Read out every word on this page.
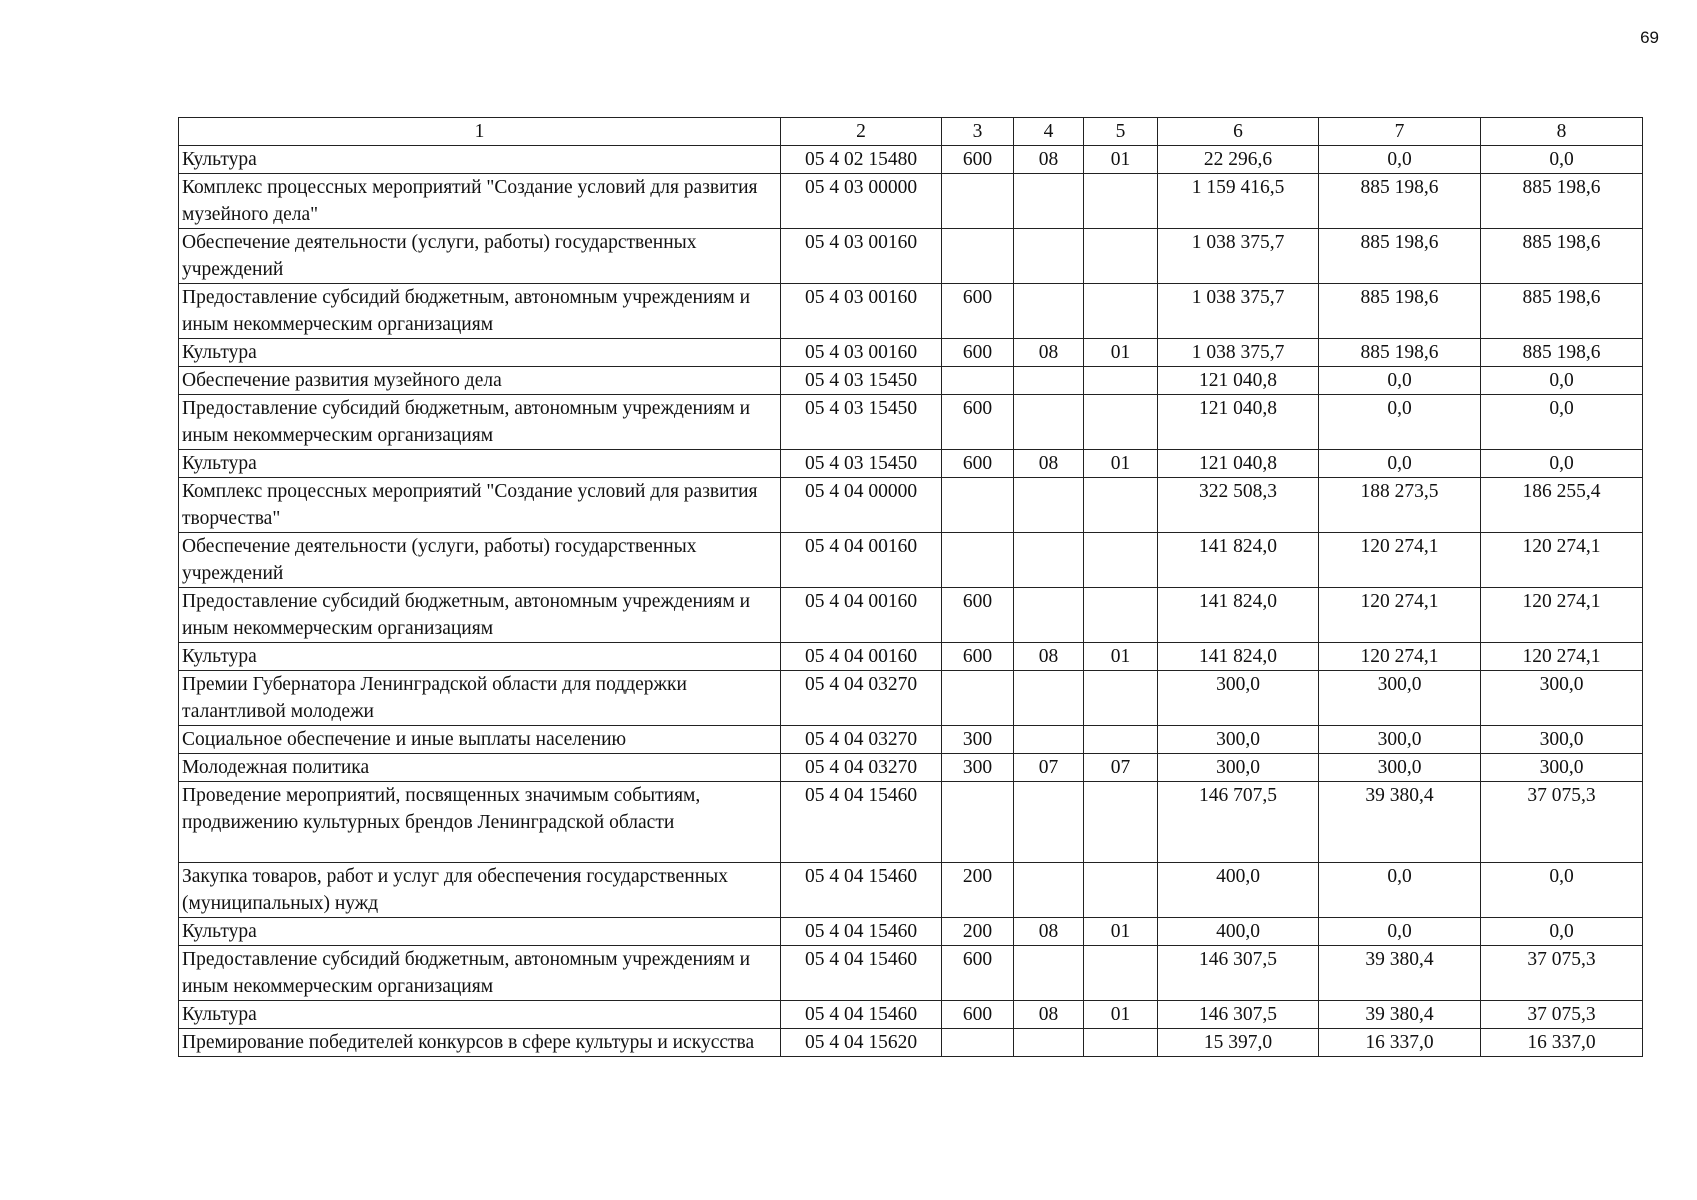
69
1	2	3	4	5	6	7	8
Культура	05 4 02 15480	600	08	01	22 296,6	0,0	0,0
Комплекс процессных мероприятий "Создание условий для развития музейного дела"	05 4 03 00000				1 159 416,5	885 198,6	885 198,6
Обеспечение деятельности (услуги, работы) государственных учреждений	05 4 03 00160				1 038 375,7	885 198,6	885 198,6
Предоставление субсидий бюджетным, автономным учреждениям и иным некоммерческим организациям	05 4 03 00160	600			1 038 375,7	885 198,6	885 198,6
Культура	05 4 03 00160	600	08	01	1 038 375,7	885 198,6	885 198,6
Обеспечение развития музейного дела	05 4 03 15450				121 040,8	0,0	0,0
Предоставление субсидий бюджетным, автономным учреждениям и иным некоммерческим организациям	05 4 03 15450	600			121 040,8	0,0	0,0
Культура	05 4 03 15450	600	08	01	121 040,8	0,0	0,0
Комплекс процессных мероприятий "Создание условий для развития творчества"	05 4 04 00000				322 508,3	188 273,5	186 255,4
Обеспечение деятельности (услуги, работы) государственных учреждений	05 4 04 00160				141 824,0	120 274,1	120 274,1
Предоставление субсидий бюджетным, автономным учреждениям и иным некоммерческим организациям	05 4 04 00160	600			141 824,0	120 274,1	120 274,1
Культура	05 4 04 00160	600	08	01	141 824,0	120 274,1	120 274,1
Премии Губернатора Ленинградской области для поддержки талантливой молодежи	05 4 04 03270				300,0	300,0	300,0
Социальное обеспечение и иные выплаты населению	05 4 04 03270	300			300,0	300,0	300,0
Молодежная политика	05 4 04 03270	300	07	07	300,0	300,0	300,0
Проведение мероприятий, посвященных значимым событиям, продвижению культурных брендов Ленинградской области	05 4 04 15460				146 707,5	39 380,4	37 075,3
Закупка товаров, работ и услуг для обеспечения государственных (муниципальных) нужд	05 4 04 15460	200			400,0	0,0	0,0
Культура	05 4 04 15460	200	08	01	400,0	0,0	0,0
Предоставление субсидий бюджетным, автономным учреждениям и иным некоммерческим организациям	05 4 04 15460	600			146 307,5	39 380,4	37 075,3
Культура	05 4 04 15460	600	08	01	146 307,5	39 380,4	37 075,3
Премирование победителей конкурсов в сфере культуры и искусства	05 4 04 15620				15 397,0	16 337,0	16 337,0
